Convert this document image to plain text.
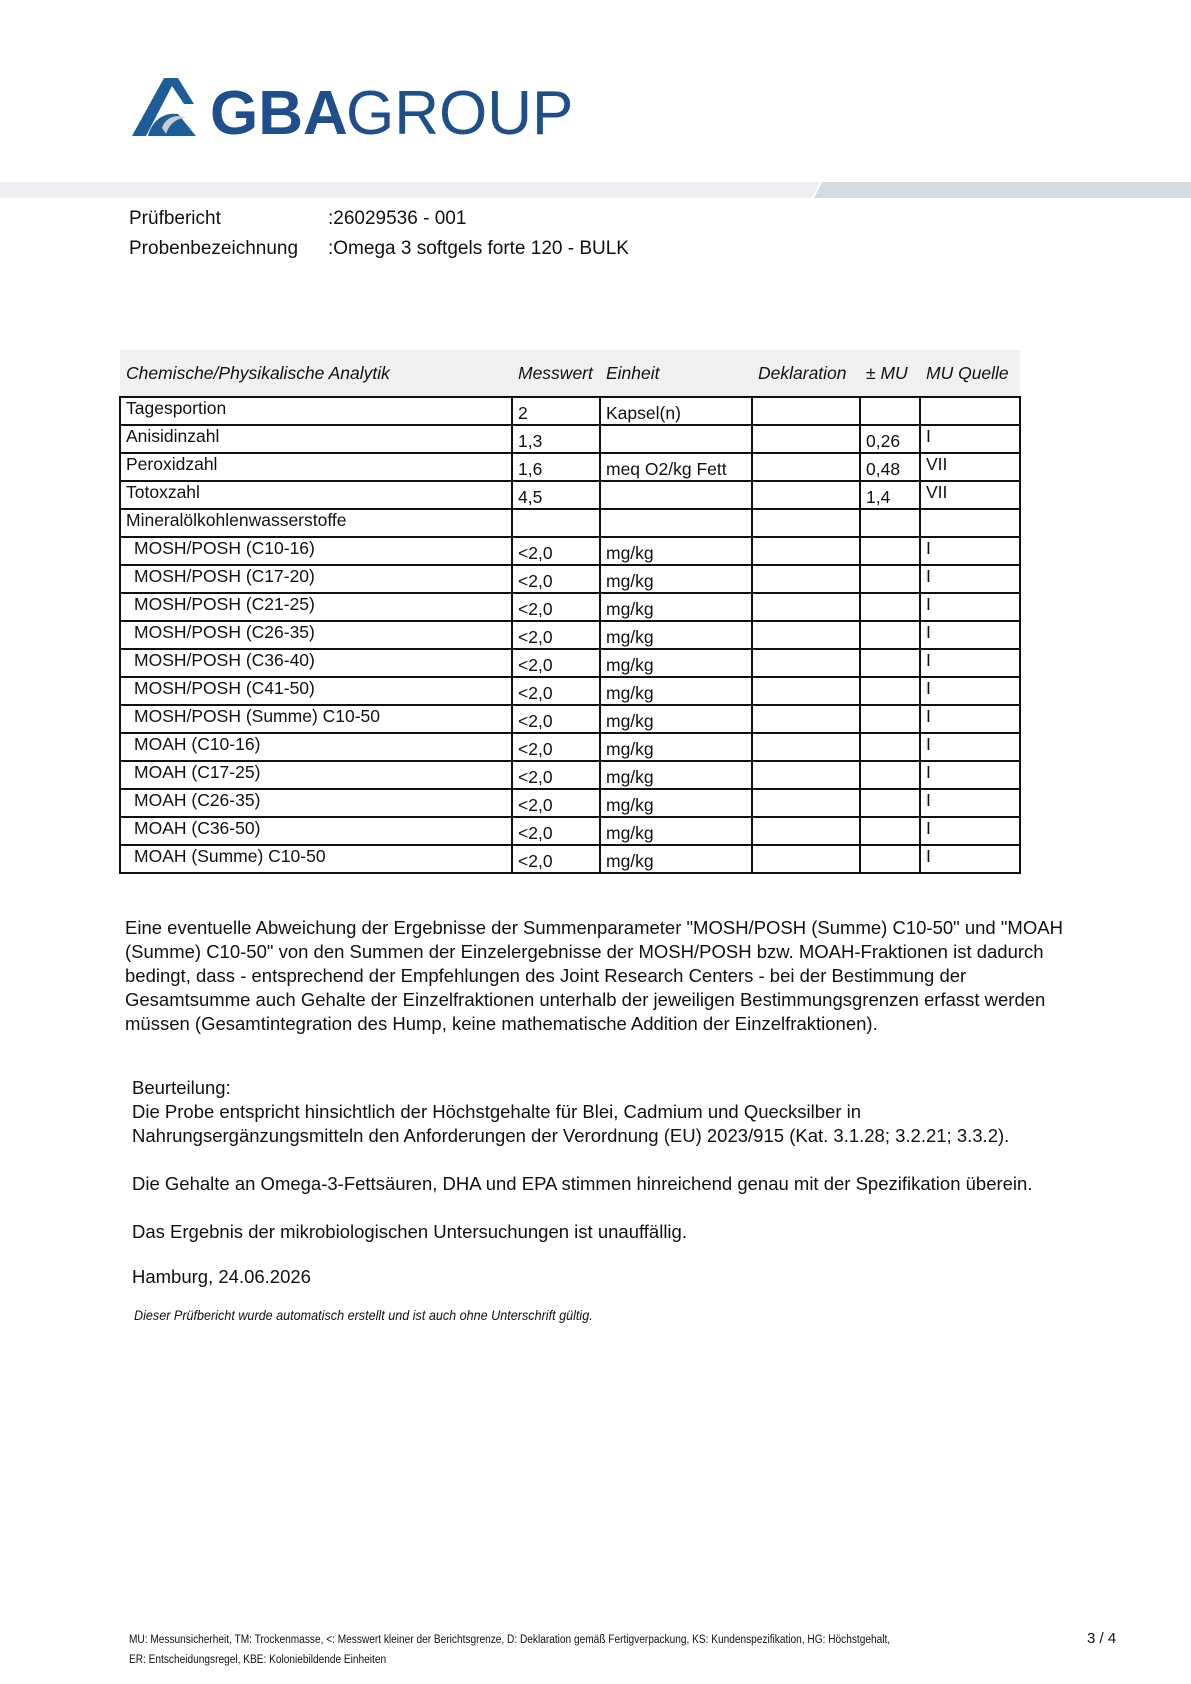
GBA
GROUP
Prüfbericht	:26029536 - 001
Probenbezeichnung :Omega 3 softgels forte 120 - BULK
Chemische/Physikalische Analytik	Messwert	Einheit	Deklaration	± MU	MU Quelle
Tagesportion	2	Kapsel(n)			
Anisidinzahl	1,3			0,26	I
Peroxidzahl	1,6	meq O2/kg Fett		0,48	VII
Totoxzahl	4,5			1,4	VII
Mineralölkohlenwasserstoffe					
MOSH/POSH (C10-16)	<2,0	mg/kg			I
MOSH/POSH (C17-20)	<2,0	mg/kg			I
MOSH/POSH (C21-25)	<2,0	mg/kg			I
MOSH/POSH (C26-35)	<2,0	mg/kg			I
MOSH/POSH (C36-40)	<2,0	mg/kg			I
MOSH/POSH (C41-50)	<2,0	mg/kg			I
MOSH/POSH (Summe) C10-50	<2,0	mg/kg			I
MOAH (C10-16)	<2,0	mg/kg			I
MOAH (C17-25)	<2,0	mg/kg			I
MOAH (C26-35)	<2,0	mg/kg			I
MOAH (C36-50)	<2,0	mg/kg			I
MOAH (Summe) C10-50	<2,0	mg/kg			I
Eine eventuelle Abweichung der Ergebnisse der Summenparameter "MOSH/POSH (Summe) C10-50" und "MOAH (Summe) C10-50" von den Summen der Einzelergebnisse der MOSH/POSH bzw. MOAH-Fraktionen ist dadurch bedingt, dass - entsprechend der Empfehlungen des Joint Research Centers - bei der Bestimmung der Gesamtsumme auch Gehalte der Einzelfraktionen unterhalb der jeweiligen Bestimmungsgrenzen erfasst werden müssen (Gesamtintegration des Hump, keine mathematische Addition der Einzelfraktionen).
Beurteilung:
Die Probe entspricht hinsichtlich der Höchstgehalte für Blei, Cadmium und Quecksilber in Nahrungsergänzungsmitteln den Anforderungen der Verordnung (EU) 2023/915 (Kat. 3.1.28; 3.2.21; 3.3.2).
Die Gehalte an Omega-3-Fettsäuren, DHA und EPA stimmen hinreichend genau mit der Spezifikation überein.
Das Ergebnis der mikrobiologischen Untersuchungen ist unauffällig.
Hamburg, 24.06.2026
Dieser Prüfbericht wurde automatisch erstellt und ist auch ohne Unterschrift gültig.
MU: Messunsicherheit, TM: Trockenmasse, <: Messwert kleiner der Berichtsgrenze, D: Deklaration gemäß Fertigverpackung, KS: Kundenspezifikation, HG: Höchstgehalt,
ER: Entscheidungsregel, KBE: Koloniebildende Einheiten
3 / 4
